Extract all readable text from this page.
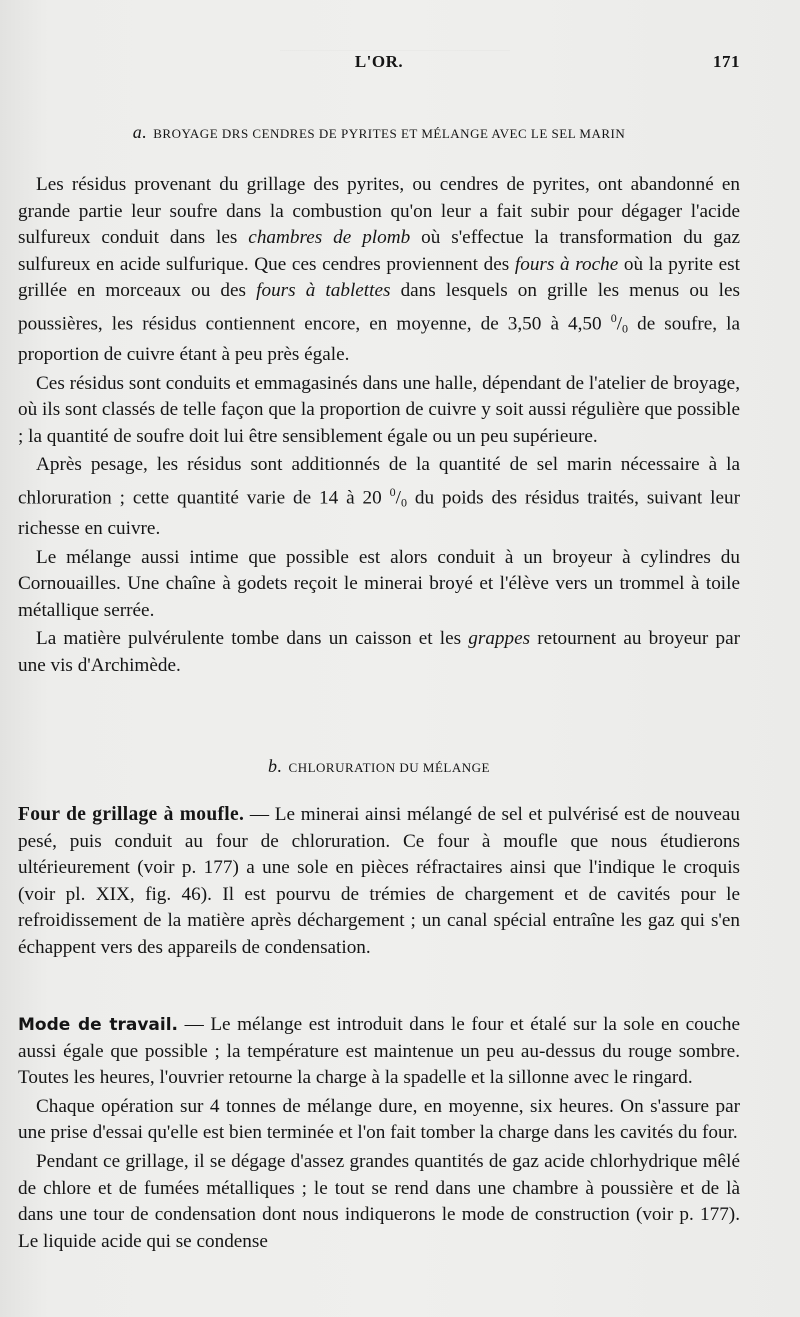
L'OR.	171

a. BROYAGE DRS CENDRES DE PYRITES ET MÉLANGE AVEC LE SEL MARIN

Les résidus provenant du grillage des pyrites, ou cendres de pyrites, ont abandonné en grande partie leur soufre dans la combustion qu'on leur a fait subir pour dégager l'acide sulfureux conduit dans les chambres de plomb où s'effectue la transformation du gaz sulfureux en acide sulfurique. Que ces cendres proviennent des fours à roche où la pyrite est grillée en morceaux ou des fours à tablettes dans lesquels on grille les menus ou les poussières, les résidus contiennent encore, en moyenne, de 3,50 à 4,50 $^0/_0$ de soufre, la proportion de cuivre étant à peu près égale.

Ces résidus sont conduits et emmagasinés dans une halle, dépendant de l'atelier de broyage, où ils sont classés de telle façon que la proportion de cuivre y soit aussi régulière que possible ; la quantité de soufre doit lui être sensiblement égale ou un peu supérieure.

Après pesage, les résidus sont additionnés de la quantité de sel marin nécessaire à la chloruration ; cette quantité varie de 14 à 20 $^0/_0$ du poids des résidus traités, suivant leur richesse en cuivre.

Le mélange aussi intime que possible est alors conduit à un broyeur à cylindres du Cornouailles. Une chaîne à godets reçoit le minerai broyé et l'élève vers un trommel à toile métallique serrée.

La matière pulvérulente tombe dans un caisson et les grappes retournent au broyeur par une vis d'Archimède.

b. CHLORURATION DU MÉLANGE

Four de grillage à moufle. — Le minerai ainsi mélangé de sel et pulvérisé est de nouveau pesé, puis conduit au four de chloruration. Ce four à moufle que nous étudierons ultérieurement (voir p. 177) a une sole en pièces réfractaires ainsi que l'indique le croquis (voir pl. XIX, fig. 46). Il est pourvu de trémies de chargement et de cavités pour le refroidissement de la matière après déchargement ; un canal spécial entraîne les gaz qui s'en échappent vers des appareils de condensation.

Mode de travail. — Le mélange est introduit dans le four et étalé sur la sole en couche aussi égale que possible ; la température est maintenue un peu au-dessus du rouge sombre. Toutes les heures, l'ouvrier retourne la charge à la spadelle et la sillonne avec le ringard.

Chaque opération sur 4 tonnes de mélange dure, en moyenne, six heures. On s'assure par une prise d'essai qu'elle est bien terminée et l'on fait tomber la charge dans les cavités du four.

Pendant ce grillage, il se dégage d'assez grandes quantités de gaz acide chlorhydrique mêlé de chlore et de fumées métalliques ; le tout se rend dans une chambre à poussière et de là dans une tour de condensation dont nous indiquerons le mode de construction (voir p. 177). Le liquide acide qui se condense
